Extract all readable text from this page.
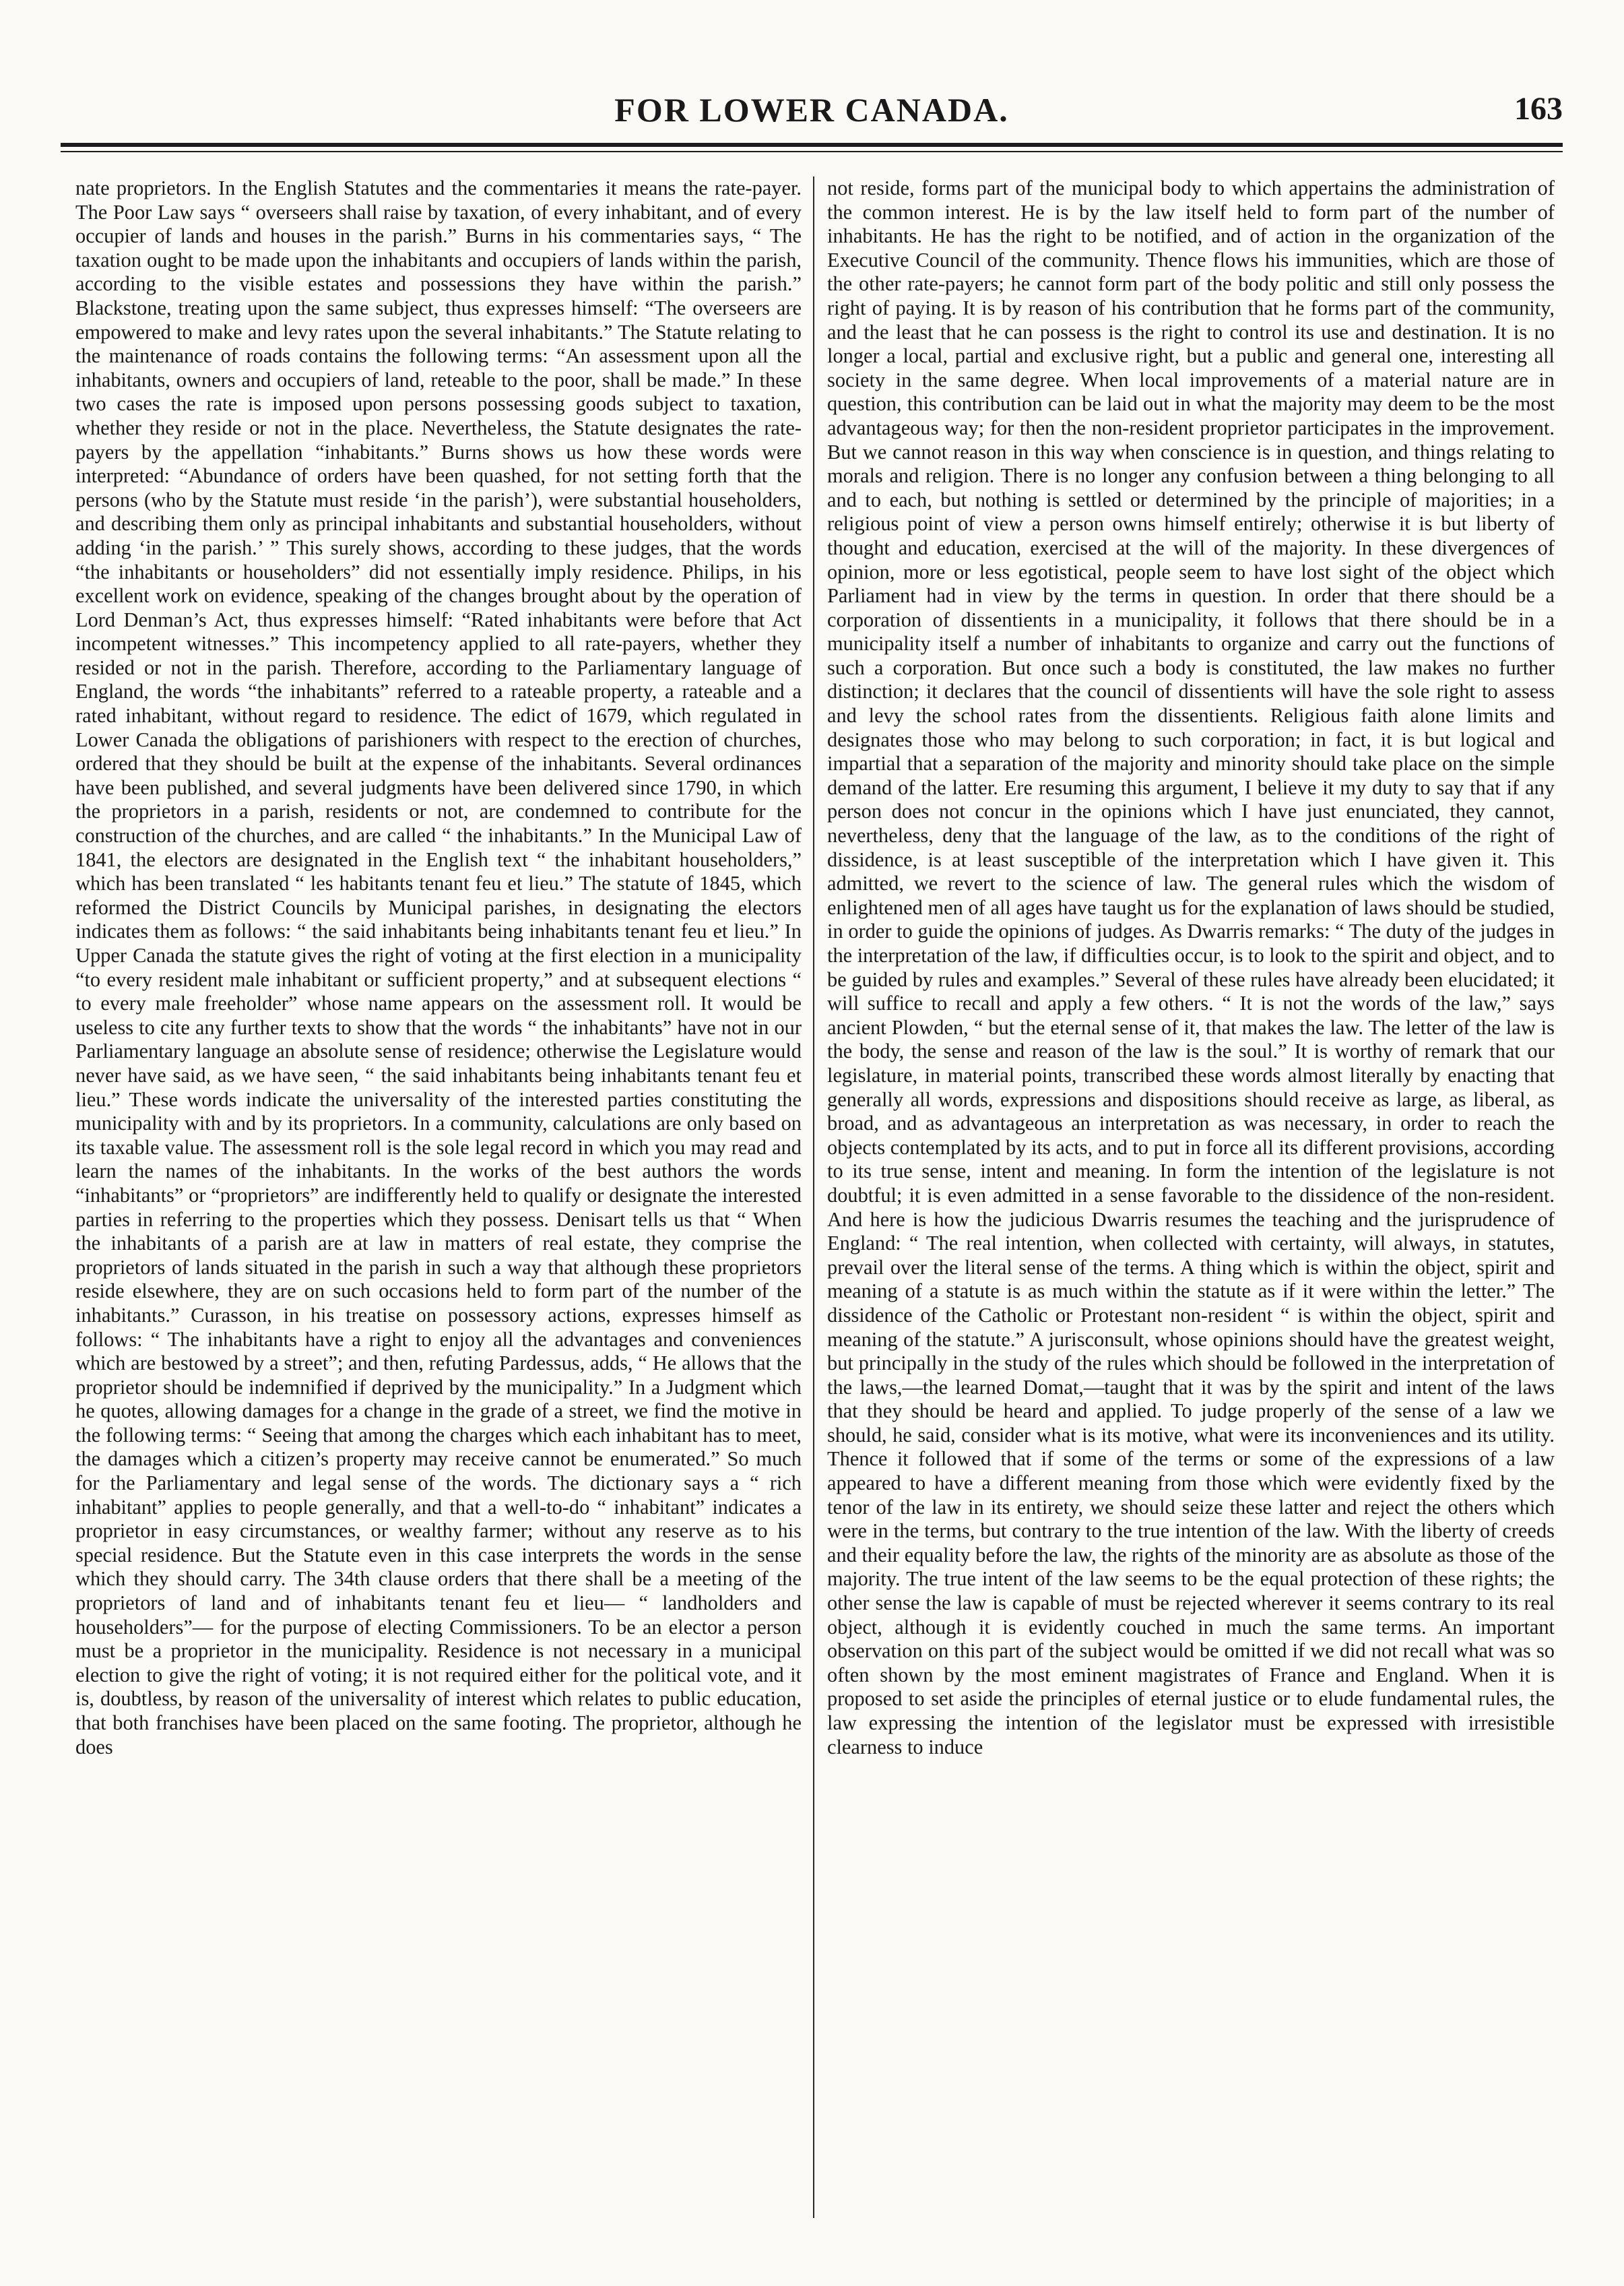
FOR LOWER CANADA.	163

nate proprietors. In the English Statutes and the commentaries it means the rate-payer. The Poor Law says “ overseers shall raise by taxation, of every inhabitant, and of every occupier of lands and houses in the parish.” Burns in his commentaries says, “ The taxation ought to be made upon the inhabitants and occupiers of lands within the parish, according to the visible estates and possessions they have within the parish.” Blackstone, treating upon the same subject, thus expresses himself: “The overseers are empowered to make and levy rates upon the several inhabitants.” The Statute relating to the maintenance of roads contains the following terms: “An assessment upon all the inhabitants, owners and occupiers of land, reteable to the poor, shall be made.” In these two cases the rate is imposed upon persons possessing goods subject to taxation, whether they reside or not in the place. Nevertheless, the Statute designates the rate-payers by the appellation “inhabitants.” Burns shows us how these words were interpreted: “Abundance of orders have been quashed, for not setting forth that the persons (who by the Statute must reside ‘in the parish’), were substantial householders, and describing them only as principal inhabitants and substantial householders, without adding ‘in the parish.’ ” This surely shows, according to these judges, that the words “the inhabitants or householders” did not essentially imply residence. Philips, in his excellent work on evidence, speaking of the changes brought about by the operation of Lord Denman’s Act, thus expresses himself: “Rated inhabitants were before that Act incompetent witnesses.” This incompetency applied to all rate-payers, whether they resided or not in the parish. Therefore, according to the Parliamentary language of England, the words “the inhabitants” referred to a rateable property, a rateable and a rated inhabitant, without regard to residence. The edict of 1679, which regulated in Lower Canada the obligations of parishioners with respect to the erection of churches, ordered that they should be built at the expense of the inhabitants. Several ordinances have been published, and several judgments have been delivered since 1790, in which the proprietors in a parish, residents or not, are condemned to contribute for the construction of the churches, and are called “ the inhabitants.” In the Municipal Law of 1841, the electors are designated in the English text “ the inhabitant householders,” which has been translated “ les habitants tenant feu et lieu.” The statute of 1845, which reformed the District Councils by Municipal parishes, in designating the electors indicates them as follows: “ the said inhabitants being inhabitants tenant feu et lieu.” In Upper Canada the statute gives the right of voting at the first election in a municipality “to every resident male inhabitant or sufficient property,” and at subsequent elections “ to every male freeholder” whose name appears on the assessment roll. It would be useless to cite any further texts to show that the words “ the inhabitants” have not in our Parliamentary language an absolute sense of residence; otherwise the Legislature would never have said, as we have seen, “ the said inhabitants being inhabitants tenant feu et lieu.” These words indicate the universality of the interested parties constituting the municipality with and by its proprietors. In a community, calculations are only based on its taxable value. The assessment roll is the sole legal record in which you may read and learn the names of the inhabitants. In the works of the best authors the words “inhabitants” or “proprietors” are indifferently held to qualify or designate the interested parties in referring to the properties which they possess. Denisart tells us that “ When the inhabitants of a parish are at law in matters of real estate, they comprise the proprietors of lands situated in the parish in such a way that although these proprietors reside elsewhere, they are on such occasions held to form part of the number of the inhabitants.” Curasson, in his treatise on possessory actions, expresses himself as follows: “ The inhabitants have a right to enjoy all the advantages and conveniences which are bestowed by a street”; and then, refuting Pardessus, adds, “ He allows that the proprietor should be indemnified if deprived by the municipality.” In a Judgment which he quotes, allowing damages for a change in the grade of a street, we find the motive in the following terms: “ Seeing that among the charges which each inhabitant has to meet, the damages which a citizen’s property may receive cannot be enumerated.” So much for the Parliamentary and legal sense of the words. The dictionary says a “ rich inhabitant” applies to people generally, and that a well-to-do “ inhabitant” indicates a proprietor in easy circumstances, or wealthy farmer; without any reserve as to his special residence. But the Statute even in this case interprets the words in the sense which they should carry. The 34th clause orders that there shall be a meeting of the proprietors of land and of inhabitants tenant feu et lieu— “ landholders and householders”— for the purpose of electing Commissioners. To be an elector a person must be a proprietor in the municipality. Residence is not necessary in a municipal election to give the right of voting; it is not required either for the political vote, and it is, doubtless, by reason of the universality of interest which relates to public education, that both franchises have been placed on the same footing. The proprietor, although he does

not reside, forms part of the municipal body to which appertains the administration of the common interest. He is by the law itself held to form part of the number of inhabitants. He has the right to be notified, and of action in the organization of the Executive Council of the community. Thence flows his immunities, which are those of the other rate-payers; he cannot form part of the body politic and still only possess the right of paying. It is by reason of his contribution that he forms part of the community, and the least that he can possess is the right to control its use and destination. It is no longer a local, partial and exclusive right, but a public and general one, interesting all society in the same degree. When local improvements of a material nature are in question, this contribution can be laid out in what the majority may deem to be the most advantageous way; for then the non-resident proprietor participates in the improvement. But we cannot reason in this way when conscience is in question, and things relating to morals and religion. There is no longer any confusion between a thing belonging to all and to each, but nothing is settled or determined by the principle of majorities; in a religious point of view a person owns himself entirely; otherwise it is but liberty of thought and education, exercised at the will of the majority. In these divergences of opinion, more or less egotistical, people seem to have lost sight of the object which Parliament had in view by the terms in question. In order that there should be a corporation of dissentients in a municipality, it follows that there should be in a municipality itself a number of inhabitants to organize and carry out the functions of such a corporation. But once such a body is constituted, the law makes no further distinction; it declares that the council of dissentients will have the sole right to assess and levy the school rates from the dissentients. Religious faith alone limits and designates those who may belong to such corporation; in fact, it is but logical and impartial that a separation of the majority and minority should take place on the simple demand of the latter. Ere resuming this argument, I believe it my duty to say that if any person does not concur in the opinions which I have just enunciated, they cannot, nevertheless, deny that the language of the law, as to the conditions of the right of dissidence, is at least susceptible of the interpretation which I have given it. This admitted, we revert to the science of law. The general rules which the wisdom of enlightened men of all ages have taught us for the explanation of laws should be studied, in order to guide the opinions of judges. As Dwarris remarks: “ The duty of the judges in the interpretation of the law, if difficulties occur, is to look to the spirit and object, and to be guided by rules and examples.” Several of these rules have already been elucidated; it will suffice to recall and apply a few others. “ It is not the words of the law,” says ancient Plowden, “ but the eternal sense of it, that makes the law. The letter of the law is the body, the sense and reason of the law is the soul.” It is worthy of remark that our legislature, in material points, transcribed these words almost literally by enacting that generally all words, expressions and dispositions should receive as large, as liberal, as broad, and as advantageous an interpretation as was necessary, in order to reach the objects contemplated by its acts, and to put in force all its different provisions, according to its true sense, intent and meaning. In form the intention of the legislature is not doubtful; it is even admitted in a sense favorable to the dissidence of the non-resident. And here is how the judicious Dwarris resumes the teaching and the jurisprudence of England: “ The real intention, when collected with certainty, will always, in statutes, prevail over the literal sense of the terms. A thing which is within the object, spirit and meaning of a statute is as much within the statute as if it were within the letter.” The dissidence of the Catholic or Protestant non-resident “ is within the object, spirit and meaning of the statute.” A jurisconsult, whose opinions should have the greatest weight, but principally in the study of the rules which should be followed in the interpretation of the laws,—the learned Domat,—taught that it was by the spirit and intent of the laws that they should be heard and applied. To judge properly of the sense of a law we should, he said, consider what is its motive, what were its inconveniences and its utility. Thence it followed that if some of the terms or some of the expressions of a law appeared to have a different meaning from those which were evidently fixed by the tenor of the law in its entirety, we should seize these latter and reject the others which were in the terms, but contrary to the true intention of the law. With the liberty of creeds and their equality before the law, the rights of the minority are as absolute as those of the majority. The true intent of the law seems to be the equal protection of these rights; the other sense the law is capable of must be rejected wherever it seems contrary to its real object, although it is evidently couched in much the same terms. An important observation on this part of the subject would be omitted if we did not recall what was so often shown by the most eminent magistrates of France and England. When it is proposed to set aside the principles of eternal justice or to elude fundamental rules, the law expressing the intention of the legislator must be expressed with irresistible clearness to induce
